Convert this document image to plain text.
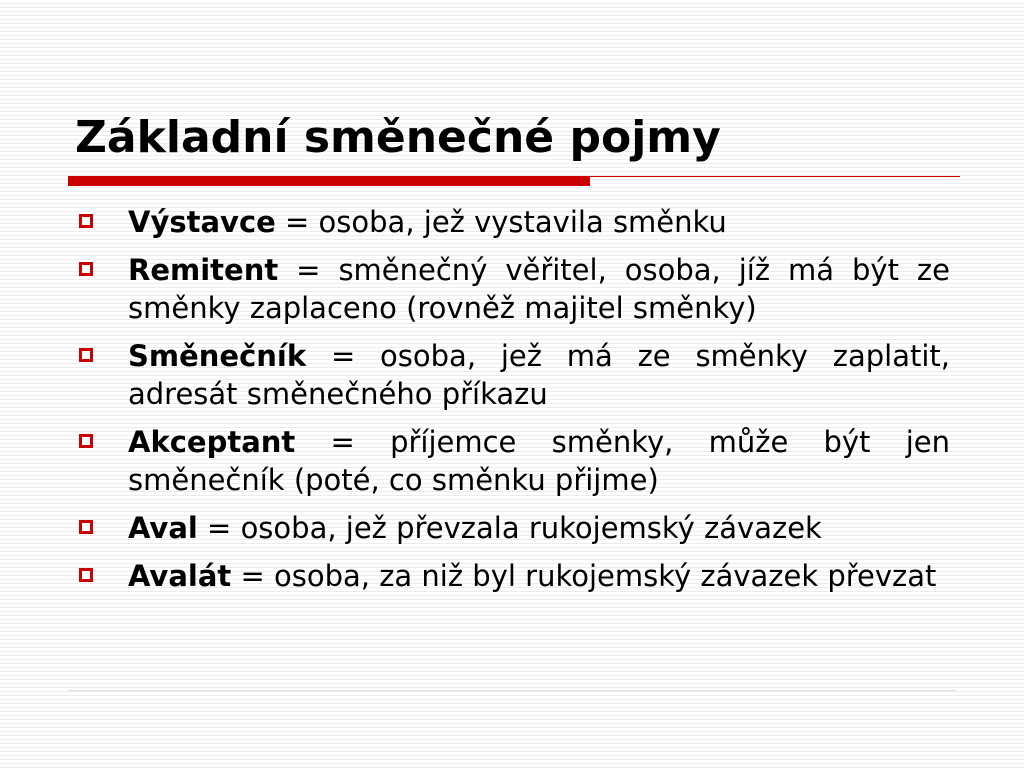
Základní směnečné pojmy
Výstavce = osoba, jež vystavila směnku
Remitent = směnečný věřitel, osoba, jíž má být ze směnky zaplaceno (rovněž majitel směnky)
Směnečník = osoba, jež má ze směnky zaplatit, adresát směnečného příkazu
Akceptant = příjemce směnky, může být jen směnečník (poté, co směnku přijme)
Aval = osoba, jež převzala rukojemský závazek
Avalát = osoba, za niž byl rukojemský závazek převzat
